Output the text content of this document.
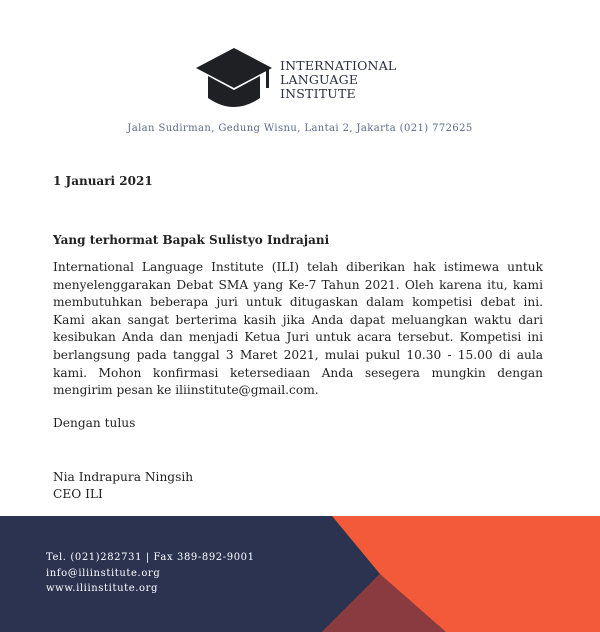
INTERNATIONAL
LANGUAGE
INSTITUTE
Jalan Sudirman, Gedung Wisnu, Lantai 2, Jakarta (021) 772625
1 Januari 2021
Yang terhormat Bapak Sulistyo Indrajani
International Language Institute (ILI) telah diberikan hak istimewa untuk menyelenggarakan Debat SMA yang Ke-7 Tahun 2021. Oleh karena itu, kami membutuhkan beberapa juri untuk ditugaskan dalam kompetisi debat ini. Kami akan sangat berterima kasih jika Anda dapat meluangkan waktu dari kesibukan Anda dan menjadi Ketua Juri untuk acara tersebut. Kompetisi ini berlangsung pada tanggal 3 Maret 2021, mulai pukul 10.30 - 15.00 di aula kami. Mohon konfirmasi ketersediaan Anda sesegera mungkin dengan mengirim pesan ke iliinstitute@gmail.com.
Dengan tulus
Nia Indrapura Ningsih
CEO ILI
Tel. (021)282731 | Fax 389-892-9001
info@iliinstitute.org
www.iliinstitute.org
